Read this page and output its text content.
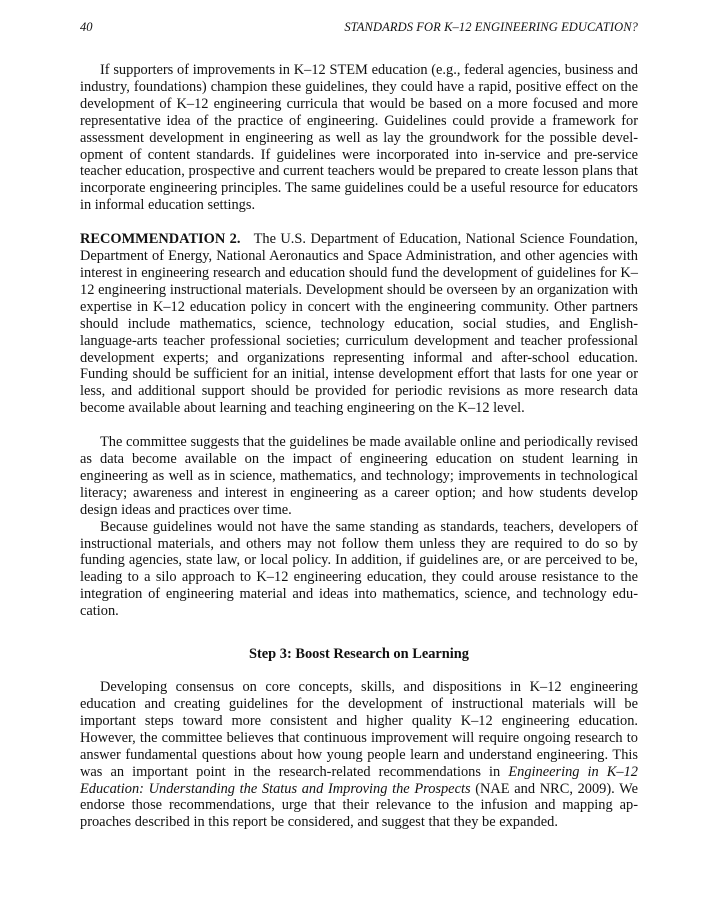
40	STANDARDS FOR K–12 ENGINEERING EDUCATION?

If supporters of improvements in K–12 STEM education (e.g., federal agencies, business and industry, foundations) champion these guidelines, they could have a rapid, positive effect on the development of K–12 engineering curricula that would be based on a more focused and more representative idea of the practice of engineering. Guidelines could provide a framework for assessment development in engineering as well as lay the groundwork for the possible development of content standards. If guidelines were incorporated into in-service and pre-service teacher education, prospective and current teachers would be prepared to create lesson plans that incorporate engineering principles. The same guidelines could be a useful resource for educators in informal education settings.

RECOMMENDATION 2. The U.S. Department of Education, National Science Foundation, Department of Energy, National Aeronautics and Space Administration, and other agencies with interest in engineering research and education should fund the development of guidelines for K–12 engineering instructional materials. Development should be overseen by an organization with expertise in K–12 education policy in concert with the engineering community. Other partners should include mathematics, science, technology education, social studies, and English-language-arts teacher professional societies; curriculum development and teacher professional development experts; and organizations representing informal and after-school education. Funding should be sufficient for an initial, intense development effort that lasts for one year or less, and additional support should be provided for periodic revisions as more research data become available about learning and teaching engineering on the K–12 level.

The committee suggests that the guidelines be made available online and periodically revised as data become available on the impact of engineering education on student learning in engineering as well as in science, mathematics, and technology; improvements in technological literacy; awareness and interest in engineering as a career option; and how students develop design ideas and practices over time.

Because guidelines would not have the same standing as standards, teachers, developers of instructional materials, and others may not follow them unless they are required to do so by funding agencies, state law, or local policy. In addition, if guidelines are, or are perceived to be, leading to a silo approach to K–12 engineering education, they could arouse resistance to the integration of engineering material and ideas into mathematics, science, and technology education.

Step 3: Boost Research on Learning

Developing consensus on core concepts, skills, and dispositions in K–12 engineering education and creating guidelines for the development of instructional materials will be important steps toward more consistent and higher quality K–12 engineering education. However, the committee believes that continuous improvement will require ongoing research to answer fundamental questions about how young people learn and understand engineering. This was an important point in the research-related recommendations in Engineering in K–12 Education: Understanding the Status and Improving the Prospects (NAE and NRC, 2009). We endorse those recommendations, urge that their relevance to the infusion and mapping approaches described in this report be considered, and suggest that they be expanded.
